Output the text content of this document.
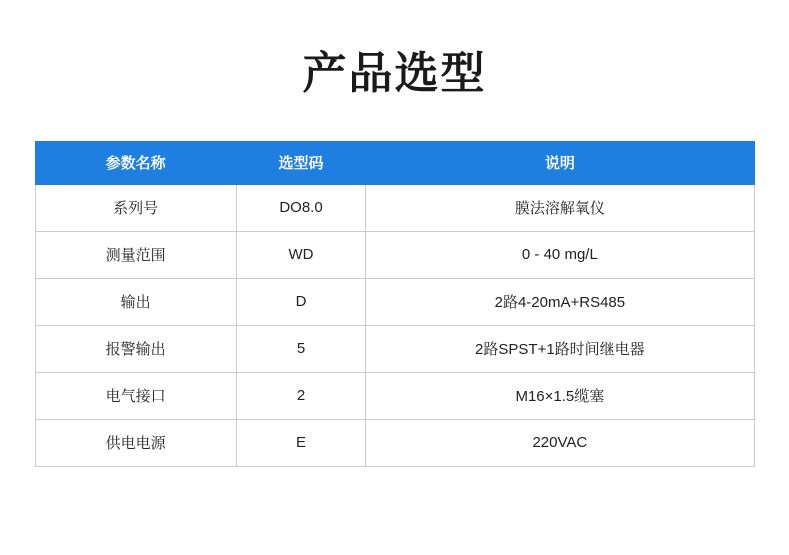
产品选型
参数名称	选型码	说明
系列号	DO8.0	膜法溶解氧仪
测量范围	WD	0 - 40 mg/L
输出	D	2路4-20mA+RS485
报警输出	5	2路SPST+1路时间继电器
电气接口	2	M16×1.5缆塞
供电电源	E	220VAC
